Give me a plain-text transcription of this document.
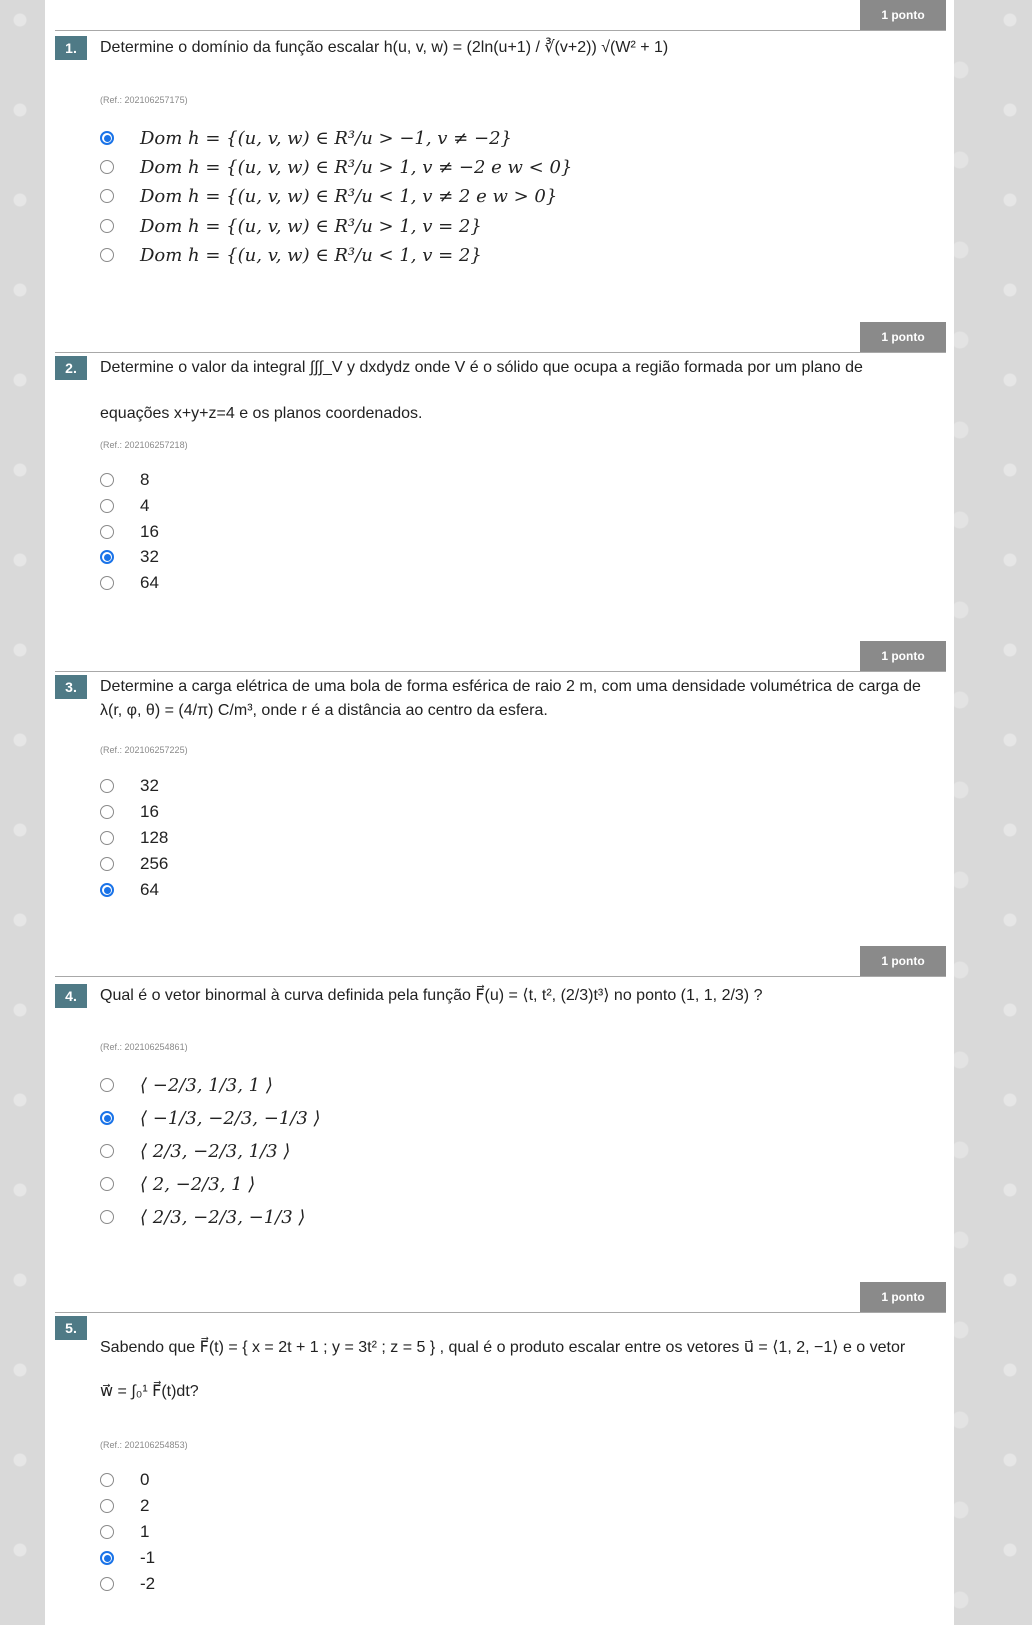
1 ponto
1.	Determine o domínio da função escalar h(u, v, w) = (2ln(u+1) / ∛(v+2)) √(W² + 1)
(Ref.: 202106257175)
Dom h = {(u, v, w) ∈ R³/u > −1, v ≠ −2}
Dom h = {(u, v, w) ∈ R³/u > 1, v ≠ −2 e w < 0}
Dom h = {(u, v, w) ∈ R³/u < 1, v ≠ 2 e w > 0}
Dom h = {(u, v, w) ∈ R³/u > 1, v = 2}
Dom h = {(u, v, w) ∈ R³/u < 1, v = 2}
1 ponto
2.	Determine o valor da integral ∫∫∫_V y dxdydz onde V é o sólido que ocupa a região formada por um plano de
equações x+y+z=4 e os planos coordenados.
(Ref.: 202106257218)
8
4
16
32
64
1 ponto
3.	Determine a carga elétrica de uma bola de forma esférica de raio 2 m, com uma densidade volumétrica de carga de
λ(r, φ, θ) = (4/π) C/m³, onde r é a distância ao centro da esfera.
(Ref.: 202106257225)
32
16
128
256
64
1 ponto
4.	Qual é o vetor binormal à curva definida pela função F⃗(u) = ⟨t, t², (2/3)t³⟩ no ponto (1, 1, 2/3) ?
(Ref.: 202106254861)
⟨ −2/3, 1/3, 1 ⟩
⟨ −1/3, −2/3, −1/3 ⟩
⟨ 2/3, −2/3, 1/3 ⟩
⟨ 2, −2/3, 1 ⟩
⟨ 2/3, −2/3, −1/3 ⟩
1 ponto
5.
Sabendo que F⃗(t) = { x = 2t + 1 ; y = 3t² ; z = 5 } , qual é o produto escalar entre os vetores u⃗ = ⟨1, 2, −1⟩ e o vetor
w⃗ = ∫₀¹ F⃗(t)dt?
(Ref.: 202106254853)
0
2
1
-1
-2
